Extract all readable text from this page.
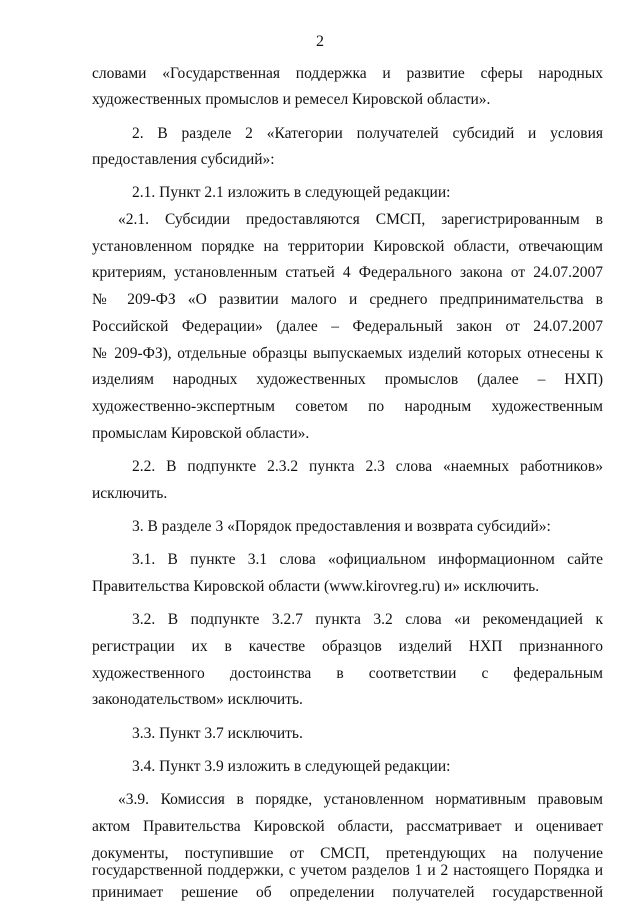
2
словами «Государственная поддержка и развитие сферы народных
художественных промыслов и ремесел Кировской области».
2. В разделе 2 «Категории получателей субсидий и условия
предоставления субсидий»:
2.1. Пункт 2.1 изложить в следующей редакции:
«2.1. Субсидии предоставляются СМСП, зарегистрированным в
установленном порядке на территории Кировской области, отвечающим
критериям, установленным статьей 4 Федерального закона от 24.07.2007
№ 209-ФЗ «О развитии малого и среднего предпринимательства в
Российской Федерации» (далее – Федеральный закон от 24.07.2007
№ 209-ФЗ), отдельные образцы выпускаемых изделий которых отнесены к
изделиям народных художественных промыслов (далее – НХП)
художественно-экспертным советом по народным художественным
промыслам Кировской области».
2.2. В подпункте 2.3.2 пункта 2.3 слова «наемных работников»
исключить.
3. В разделе 3 «Порядок предоставления и возврата субсидий»:
3.1. В пункте 3.1 слова «официальном информационном сайте
Правительства Кировской области (www.kirovreg.ru) и» исключить.
3.2. В подпункте 3.2.7 пункта 3.2 слова «и рекомендацией к
регистрации их в качестве образцов изделий НХП признанного
художественного достоинства в соответствии с федеральным
законодательством» исключить.
3.3. Пункт 3.7 исключить.
3.4. Пункт 3.9 изложить в следующей редакции:
«3.9. Комиссия в порядке, установленном нормативным правовым
актом Правительства Кировской области, рассматривает и оценивает
документы, поступившие от СМСП, претендующих на получение
государственной поддержки, с учетом разделов 1 и 2 настоящего Порядка и
принимает решение об определении получателей государственной
